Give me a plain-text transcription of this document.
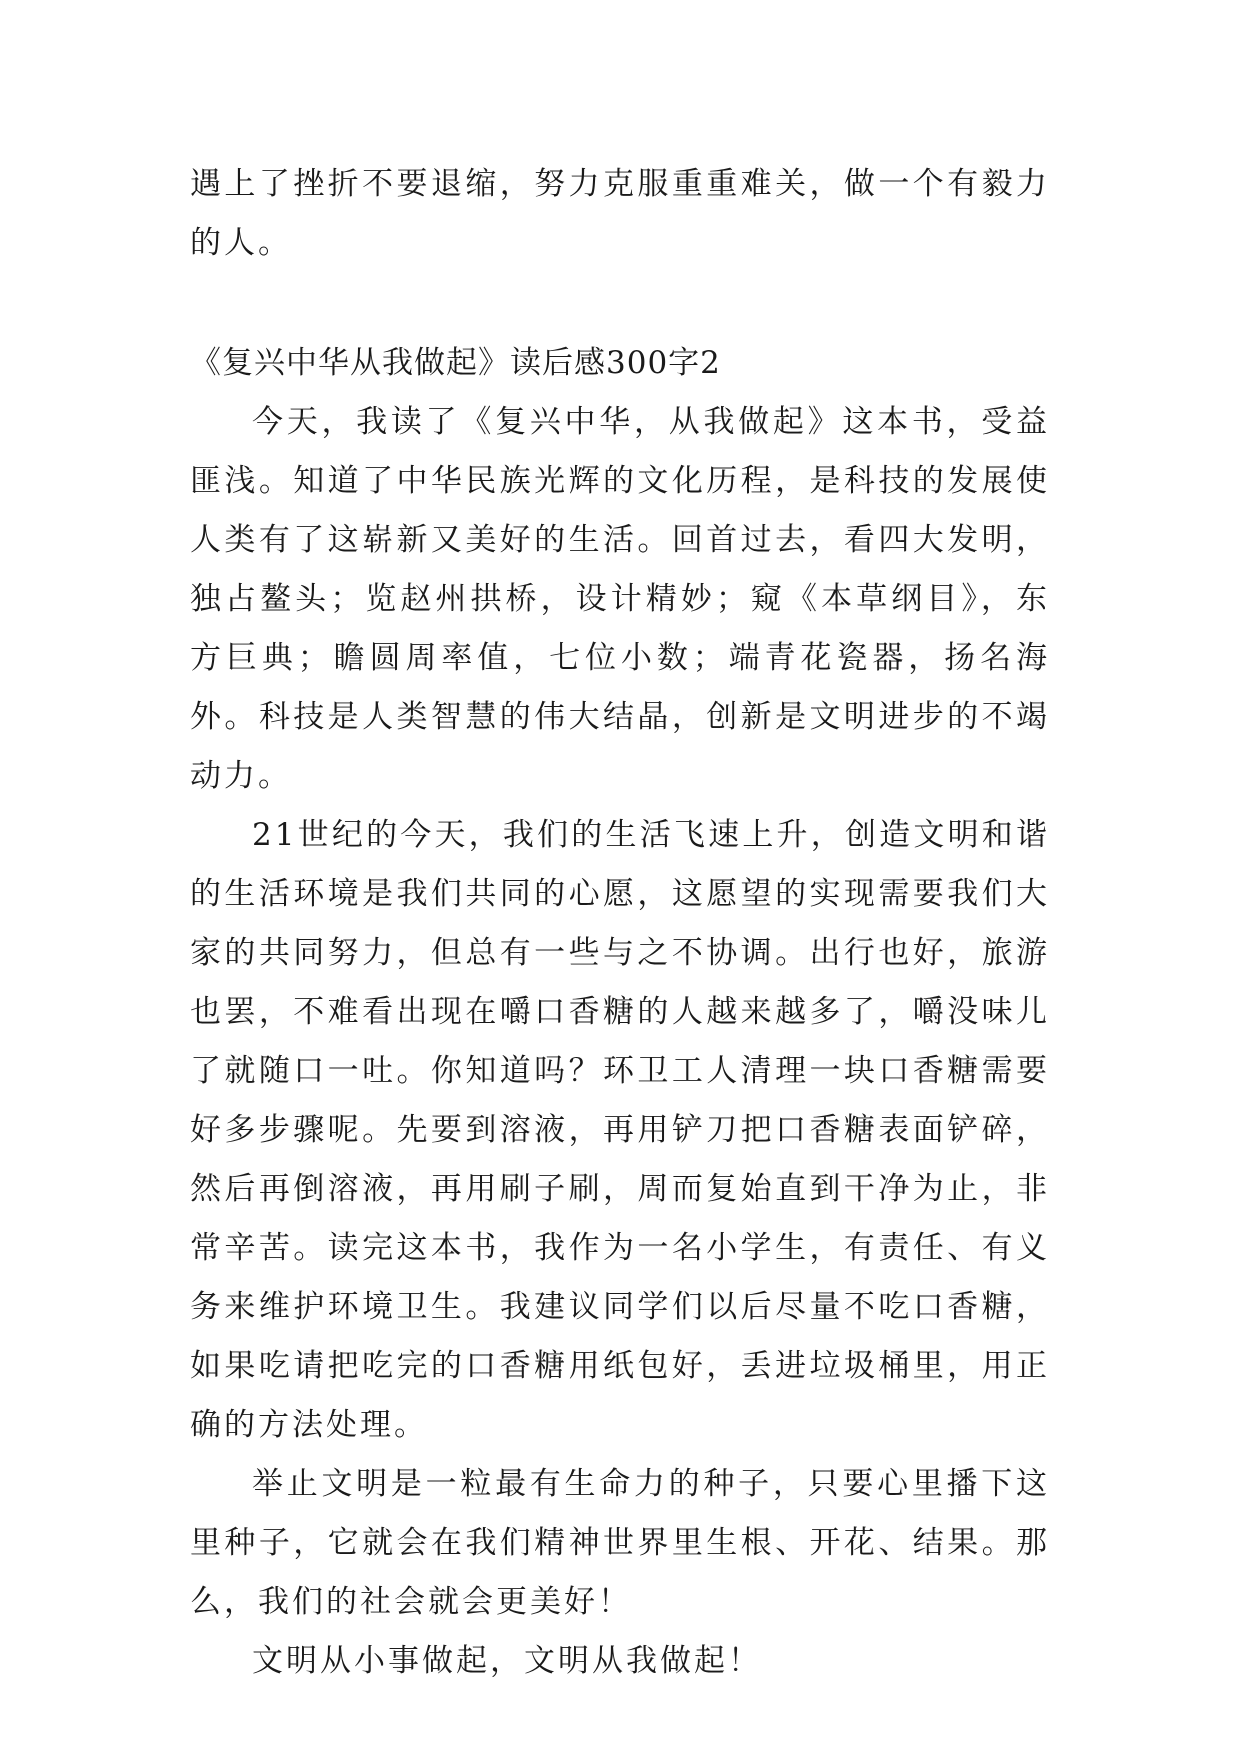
遇上了挫折不要退缩，努力克服重重难关，做一个有毅力的人。

《复兴中华从我做起》读后感300字2

今天，我读了《复兴中华，从我做起》这本书，受益匪浅。知道了中华民族光辉的文化历程，是科技的发展使人类有了这崭新又美好的生活。回首过去，看四大发明，独占鳌头；览赵州拱桥，设计精妙；窥《本草纲目》，东方巨典；瞻圆周率值，七位小数；端青花瓷器，扬名海外。科技是人类智慧的伟大结晶，创新是文明进步的不竭动力。

21世纪的今天，我们的生活飞速上升，创造文明和谐的生活环境是我们共同的心愿，这愿望的实现需要我们大家的共同努力，但总有一些与之不协调。出行也好，旅游也罢，不难看出现在嚼口香糖的人越来越多了，嚼没味儿了就随口一吐。你知道吗？环卫工人清理一块口香糖需要好多步骤呢。先要到溶液，再用铲刀把口香糖表面铲碎，然后再倒溶液，再用刷子刷，周而复始直到干净为止，非常辛苦。读完这本书，我作为一名小学生，有责任、有义务来维护环境卫生。我建议同学们以后尽量不吃口香糖，如果吃请把吃完的口香糖用纸包好，丢进垃圾桶里，用正确的方法处理。

举止文明是一粒最有生命力的种子，只要心里播下这里种子，它就会在我们精神世界里生根、开花、结果。那么，我们的社会就会更美好！

文明从小事做起，文明从我做起！
